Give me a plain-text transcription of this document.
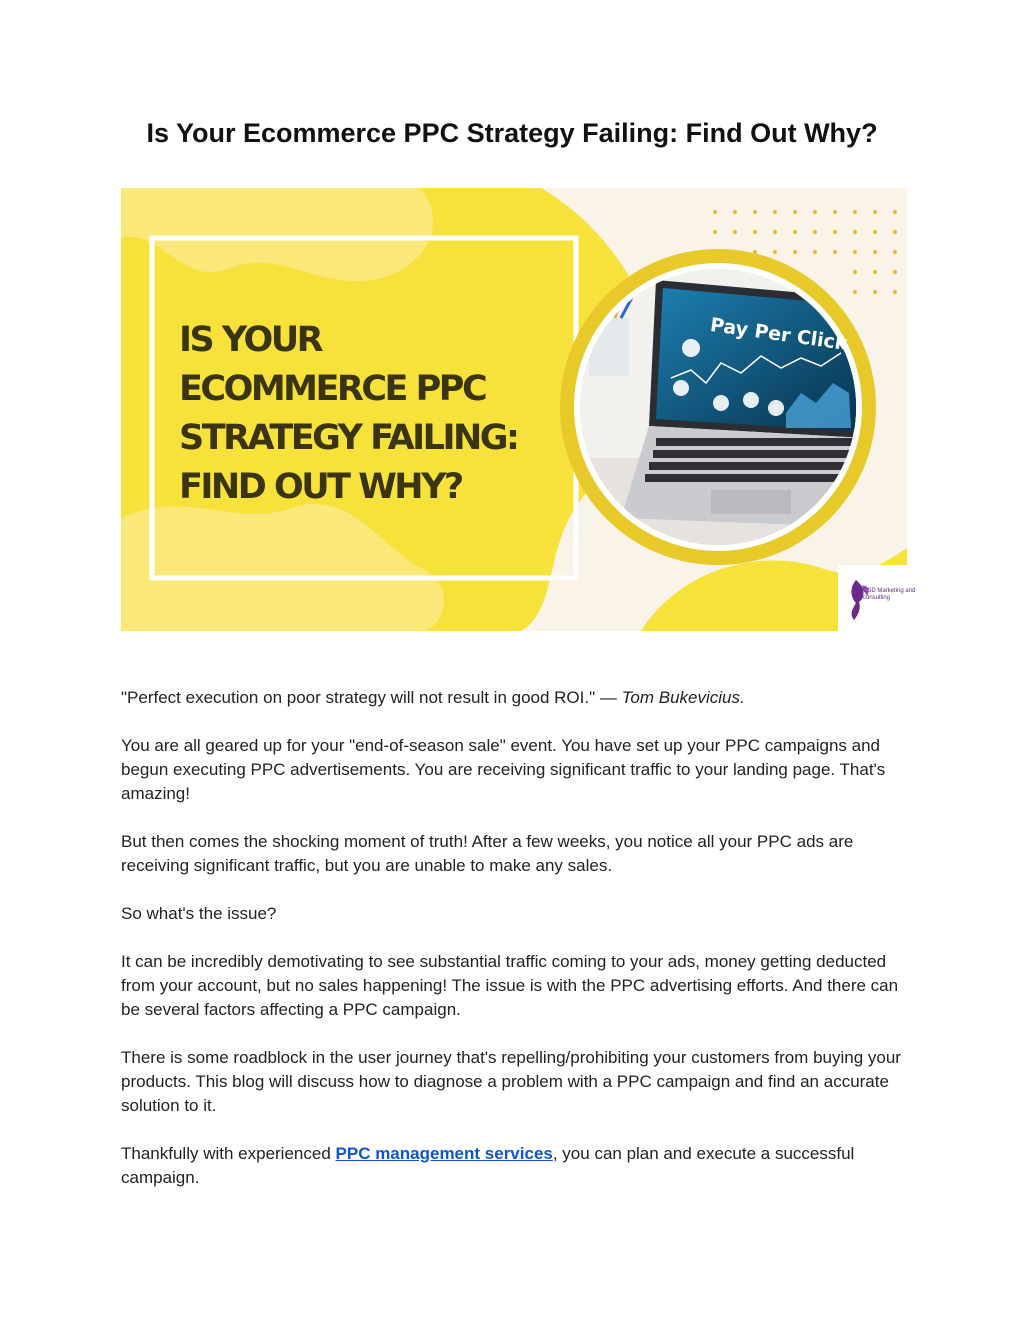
Is Your Ecommerce PPC Strategy Failing: Find Out Why?
Pay Per Click
IS YOUR
ECOMMERCE PPC
STRATEGY FAILING:
FIND OUT WHY?
CSD Marketing and consulting

"Perfect execution on poor strategy will not result in good ROI." — Tom Bukevicius.

You are all geared up for your "end-of-season sale" event. You have set up your PPC campaigns and begun executing PPC advertisements. You are receiving significant traffic to your landing page. That's amazing!

But then comes the shocking moment of truth! After a few weeks, you notice all your PPC ads are receiving significant traffic, but you are unable to make any sales.

So what's the issue?

It can be incredibly demotivating to see substantial traffic coming to your ads, money getting deducted from your account, but no sales happening! The issue is with the PPC advertising efforts. And there can be several factors affecting a PPC campaign.

There is some roadblock in the user journey that's repelling/prohibiting your customers from buying your products. This blog will discuss how to diagnose a problem with a PPC campaign and find an accurate solution to it.

Thankfully with experienced PPC management services, you can plan and execute a successful campaign.
